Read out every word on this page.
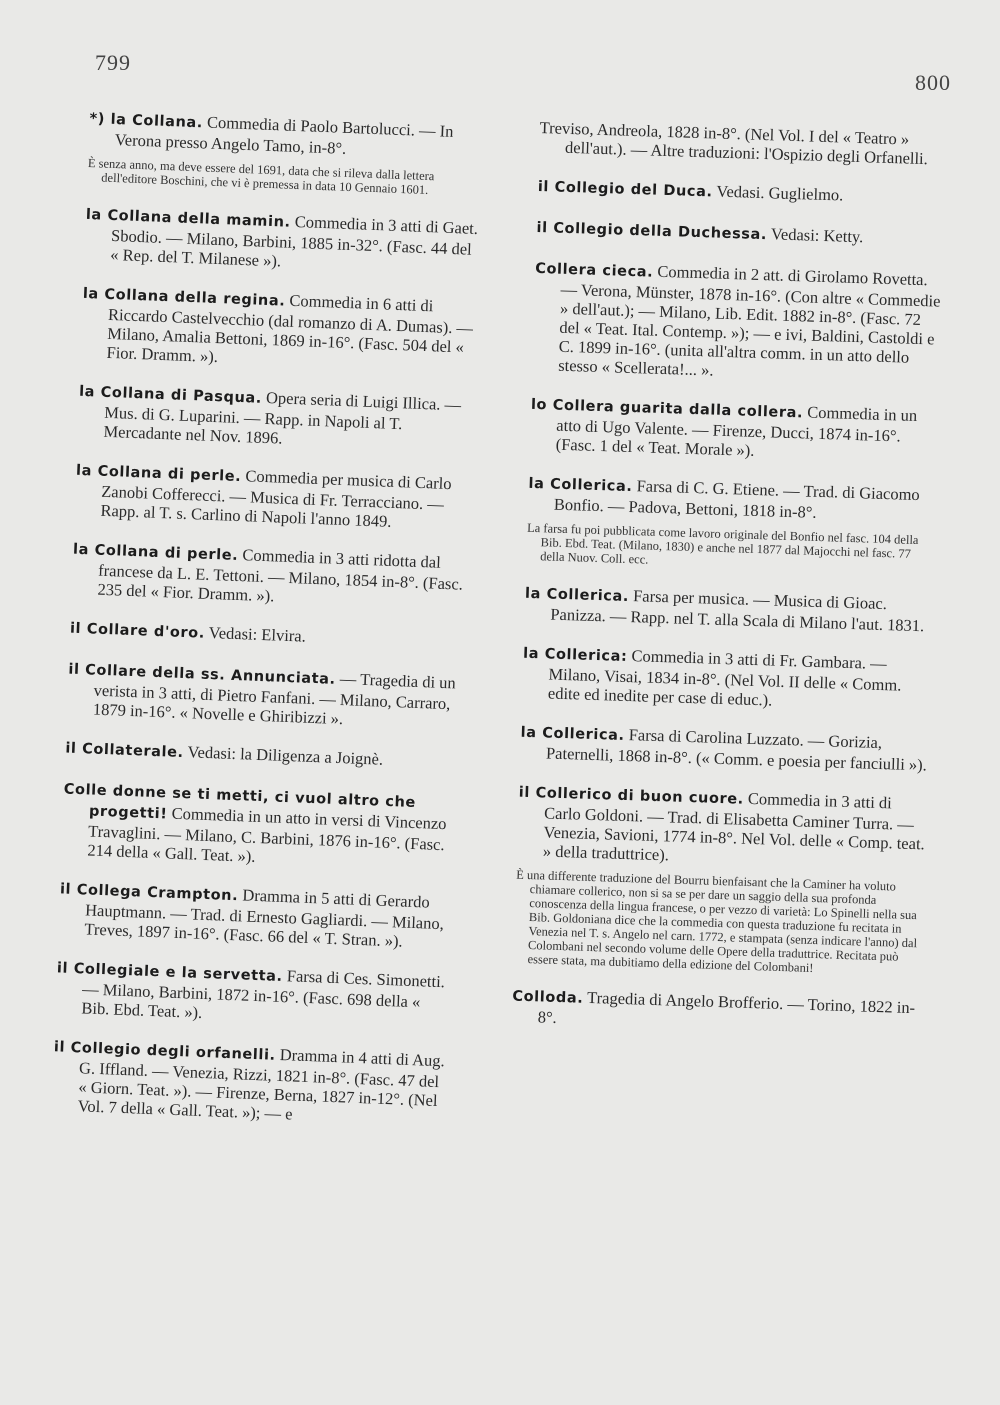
799
800
*) la Collana. Commedia di Paolo Bartolucci. — In Verona presso Angelo Tamo, in-8°.
È senza anno, ma deve essere del 1691, data che si rileva dalla lettera dell'editore Boschini, che vi è premessa in data 10 Gennaio 1601.
la Collana della mamin. Commedia in 3 atti di Gaet. Sbodio. — Milano, Barbini, 1885 in-32°. (Fasc. 44 del « Rep. del T. Milanese »).
la Collana della regina. Commedia in 6 atti di Riccardo Castelvecchio (dal romanzo di A. Dumas). — Milano, Amalia Bettoni, 1869 in-16°. (Fasc. 504 del « Fior. Dramm. »).
la Collana di Pasqua. Opera seria di Luigi Illica. — Mus. di G. Luparini. — Rapp. in Napoli al T. Mercadante nel Nov. 1896.
la Collana di perle. Commedia per musica di Carlo Zanobi Cofferecci. — Musica di Fr. Terracciano. — Rapp. al T. s. Carlino di Napoli l'anno 1849.
la Collana di perle. Commedia in 3 atti ridotta dal francese da L. E. Tettoni. — Milano, 1854 in-8°. (Fasc. 235 del « Fior. Dramm. »).
il Collare d'oro. Vedasi: Elvira.
il Collare della ss. Annunciata. — Tragedia di un verista in 3 atti, di Pietro Fanfani. — Milano, Carraro, 1879 in-16°. « Novelle e Ghiribizzi ».
il Collaterale. Vedasi: la Diligenza a Joignè.
Colle donne se ti metti, ci vuol altro che progetti! Commedia in un atto in versi di Vincenzo Travaglini. — Milano, C. Barbini, 1876 in-16°. (Fasc. 214 della « Gall. Teat. »).
il Collega Crampton. Dramma in 5 atti di Gerardo Hauptmann. — Trad. di Ernesto Gagliardi. — Milano, Treves, 1897 in-16°. (Fasc. 66 del « T. Stran. »).
il Collegiale e la servetta. Farsa di Ces. Simonetti. — Milano, Barbini, 1872 in-16°. (Fasc. 698 della « Bib. Ebd. Teat. »).
il Collegio degli orfanelli. Dramma in 4 atti di Aug. G. Iffland. — Venezia, Rizzi, 1821 in-8°. (Fasc. 47 del « Giorn. Teat. »). — Firenze, Berna, 1827 in-12°. (Nel Vol. 7 della « Gall. Teat. »); — e
Treviso, Andreola, 1828 in-8°. (Nel Vol. I del « Teatro » dell'aut.). — Altre traduzioni: l'Ospizio degli Orfanelli.
il Collegio del Duca. Vedasi. Guglielmo.
il Collegio della Duchessa. Vedasi: Ketty.
Collera cieca. Commedia in 2 att. di Girolamo Rovetta. — Verona, Münster, 1878 in-16°. (Con altre « Commedie » dell'aut.); — Milano, Lib. Edit. 1882 in-8°. (Fasc. 72 del « Teat. Ital. Contemp. »); — e ivi, Baldini, Castoldi e C. 1899 in-16°. (unita all'altra comm. in un atto dello stesso « Scellerata!... ».
lo Collera guarita dalla collera. Commedia in un atto di Ugo Valente. — Firenze, Ducci, 1874 in-16°. (Fasc. 1 del « Teat. Morale »).
la Collerica. Farsa di C. G. Etiene. — Trad. di Giacomo Bonfio. — Padova, Bettoni, 1818 in-8°.
La farsa fu poi pubblicata come lavoro originale del Bonfio nel fasc. 104 della Bib. Ebd. Teat. (Milano, 1830) e anche nel 1877 dal Majocchi nel fasc. 77 della Nuov. Coll. ecc.
la Collerica. Farsa per musica. — Musica di Gioac. Panizza. — Rapp. nel T. alla Scala di Milano l'aut. 1831.
la Collerica: Commedia in 3 atti di Fr. Gambara. — Milano, Visai, 1834 in-8°. (Nel Vol. II delle « Comm. edite ed inedite per case di educ.).
la Collerica. Farsa di Carolina Luzzato. — Gorizia, Paternelli, 1868 in-8°. (« Comm. e poesia per fanciulli »).
il Collerico di buon cuore. Commedia in 3 atti di Carlo Goldoni. — Trad. di Elisabetta Caminer Turra. — Venezia, Savioni, 1774 in-8°. Nel Vol. delle « Comp. teat. » della traduttrice).
È una differente traduzione del Bourru bienfaisant che la Caminer ha voluto chiamare collerico, non si sa se per dare un saggio della sua profonda conoscenza della lingua francese, o per vezzo di varietà: Lo Spinelli nella sua Bib. Goldoniana dice che la commedia con questa traduzione fu recitata in Venezia nel T. s. Angelo nel carn. 1772, e stampata (senza indicare l'anno) dal Colombani nel secondo volume delle Opere della traduttrice. Recitata può essere stata, ma dubitiamo della edizione del Colombani!
Colloda. Tragedia di Angelo Brofferio. — Torino, 1822 in-8°.
